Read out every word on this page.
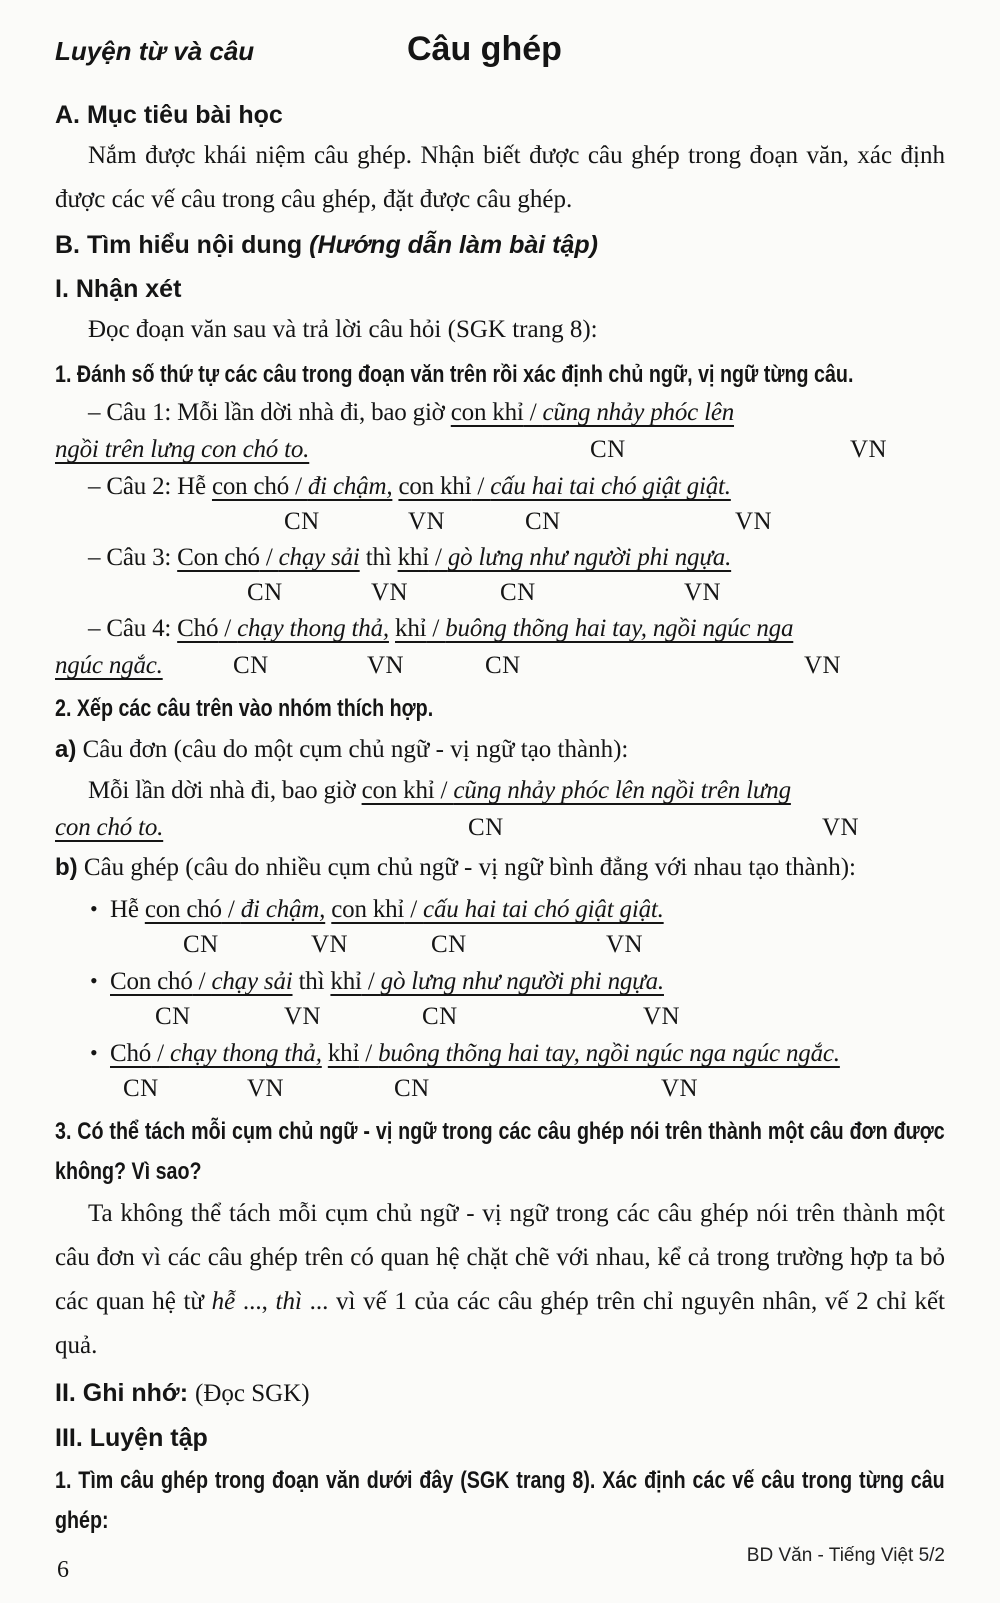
Luyện từ và câu	Câu ghép
A. Mục tiêu bài học
Nắm được khái niệm câu ghép. Nhận biết được câu ghép trong đoạn văn, xác định được các vế câu trong câu ghép, đặt được câu ghép.
B. Tìm hiểu nội dung (Hướng dẫn làm bài tập)
I. Nhận xét
Đọc đoạn văn sau và trả lời câu hỏi (SGK trang 8):
1. Đánh số thứ tự các câu trong đoạn văn trên rồi xác định chủ ngữ, vị ngữ từng câu.
– Câu 1: Mỗi lần dời nhà đi, bao giờ con khỉ / cũng nhảy phóc lên
ngồi trên lưng con chó to.	CN	VN
– Câu 2: Hễ con chó / đi chậm, con khỉ / cấu hai tai chó giật giật.
CN	VN	CN	VN
– Câu 3: Con chó / chạy sải thì khỉ / gò lưng như người phi ngựa.
CN	VN	CN	VN
– Câu 4: Chó / chạy thong thả, khỉ / buông thõng hai tay, ngồi ngúc nga
ngúc ngắc.	CN	VN	CN	VN
2. Xếp các câu trên vào nhóm thích hợp.
a) Câu đơn (câu do một cụm chủ ngữ - vị ngữ tạo thành):
Mỗi lần dời nhà đi, bao giờ con khỉ / cũng nhảy phóc lên ngồi trên lưng
con chó to.	CN	VN
b) Câu ghép (câu do nhiều cụm chủ ngữ - vị ngữ bình đẳng với nhau tạo thành):
• Hễ con chó / đi chậm, con khỉ / cấu hai tai chó giật giật.
CN	VN	CN	VN
• Con chó / chạy sải thì khỉ / gò lưng như người phi ngựa.
CN	VN	CN	VN
• Chó / chạy thong thả, khỉ / buông thõng hai tay, ngồi ngúc nga ngúc ngắc.
CN	VN	CN	VN
3. Có thể tách mỗi cụm chủ ngữ - vị ngữ trong các câu ghép nói trên thành một câu đơn được không? Vì sao?
Ta không thể tách mỗi cụm chủ ngữ - vị ngữ trong các câu ghép nói trên thành một câu đơn vì các câu ghép trên có quan hệ chặt chẽ với nhau, kể cả trong trường hợp ta bỏ các quan hệ từ hễ ..., thì ... vì vế 1 của các câu ghép trên chỉ nguyên nhân, vế 2 chỉ kết quả.
II. Ghi nhớ: (Đọc SGK)
III. Luyện tập
1. Tìm câu ghép trong đoạn văn dưới đây (SGK trang 8). Xác định các vế câu trong từng câu ghép:
BD Văn - Tiếng Việt 5/2
6
